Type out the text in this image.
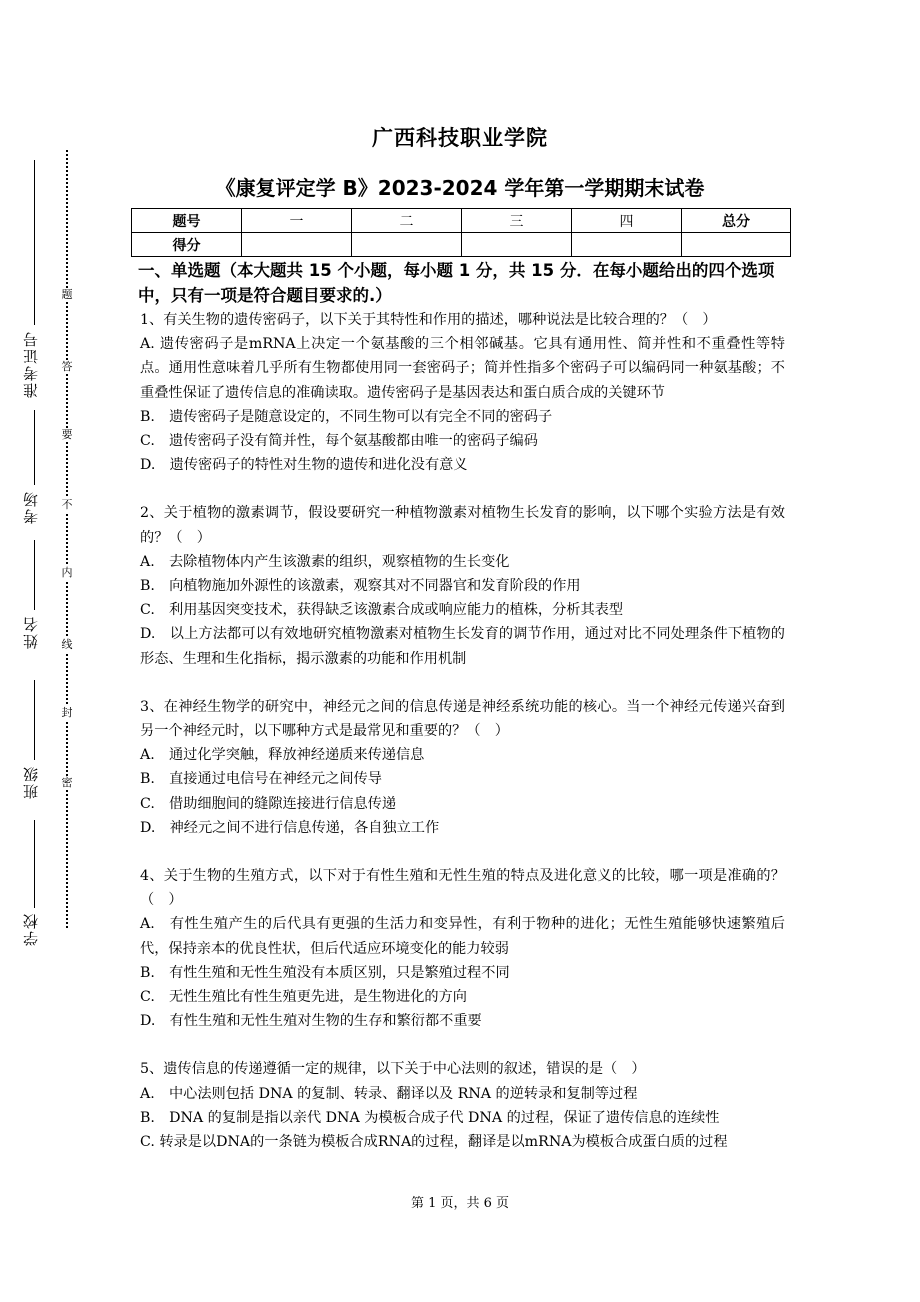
准考证号
考场
姓名
班级
学校
题
答
要
不
内
线
封
密
广西科技职业学院
《康复评定学 B》2023-2024 学年第一学期期末试卷
题号	一	二	三	四	总分
得分					
一、单选题（本大题共 15 个小题，每小题 1 分，共 15 分．在每小题给出的四个选项中，只有一项是符合题目要求的.）

1、有关生物的遗传密码子，以下关于其特性和作用的描述，哪种说法是比较合理的？（　）

A. 遗传密码子是mRNA上决定一个氨基酸的三个相邻碱基。它具有通用性、简并性和不重叠性等特点。通用性意味着几乎所有生物都使用同一套密码子；简并性指多个密码子可以编码同一种氨基酸；不重叠性保证了遗传信息的准确读取。遗传密码子是基因表达和蛋白质合成的关键环节

B.　遗传密码子是随意设定的，不同生物可以有完全不同的密码子

C.　遗传密码子没有简并性，每个氨基酸都由唯一的密码子编码

D.　遗传密码子的特性对生物的遗传和进化没有意义

2、关于植物的激素调节，假设要研究一种植物激素对植物生长发育的影响，以下哪个实验方法是有效的？（　）

A.　去除植物体内产生该激素的组织，观察植物的生长变化

B.　向植物施加外源性的该激素，观察其对不同器官和发育阶段的作用

C.　利用基因突变技术，获得缺乏该激素合成或响应能力的植株，分析其表型

D.　以上方法都可以有效地研究植物激素对植物生长发育的调节作用，通过对比不同处理条件下植物的形态、生理和生化指标，揭示激素的功能和作用机制

3、在神经生物学的研究中，神经元之间的信息传递是神经系统功能的核心。当一个神经元传递兴奋到另一个神经元时，以下哪种方式是最常见和重要的？（　）

A.　通过化学突触，释放神经递质来传递信息

B.　直接通过电信号在神经元之间传导

C.　借助细胞间的缝隙连接进行信息传递

D.　神经元之间不进行信息传递，各自独立工作

4、关于生物的生殖方式，以下对于有性生殖和无性生殖的特点及进化意义的比较，哪一项是准确的？（　）

A.　有性生殖产生的后代具有更强的生活力和变异性，有利于物种的进化；无性生殖能够快速繁殖后代，保持亲本的优良性状，但后代适应环境变化的能力较弱

B.　有性生殖和无性生殖没有本质区别，只是繁殖过程不同

C.　无性生殖比有性生殖更先进，是生物进化的方向

D.　有性生殖和无性生殖对生物的生存和繁衍都不重要

5、遗传信息的传递遵循一定的规律，以下关于中心法则的叙述，错误的是（　）

A.　中心法则包括 DNA 的复制、转录、翻译以及 RNA 的逆转录和复制等过程

B.　DNA 的复制是指以亲代 DNA 为模板合成子代 DNA 的过程，保证了遗传信息的连续性

C. 转录是以DNA的一条链为模板合成RNA的过程，翻译是以mRNA为模板合成蛋白质的过程

第 1 页，共 6 页
